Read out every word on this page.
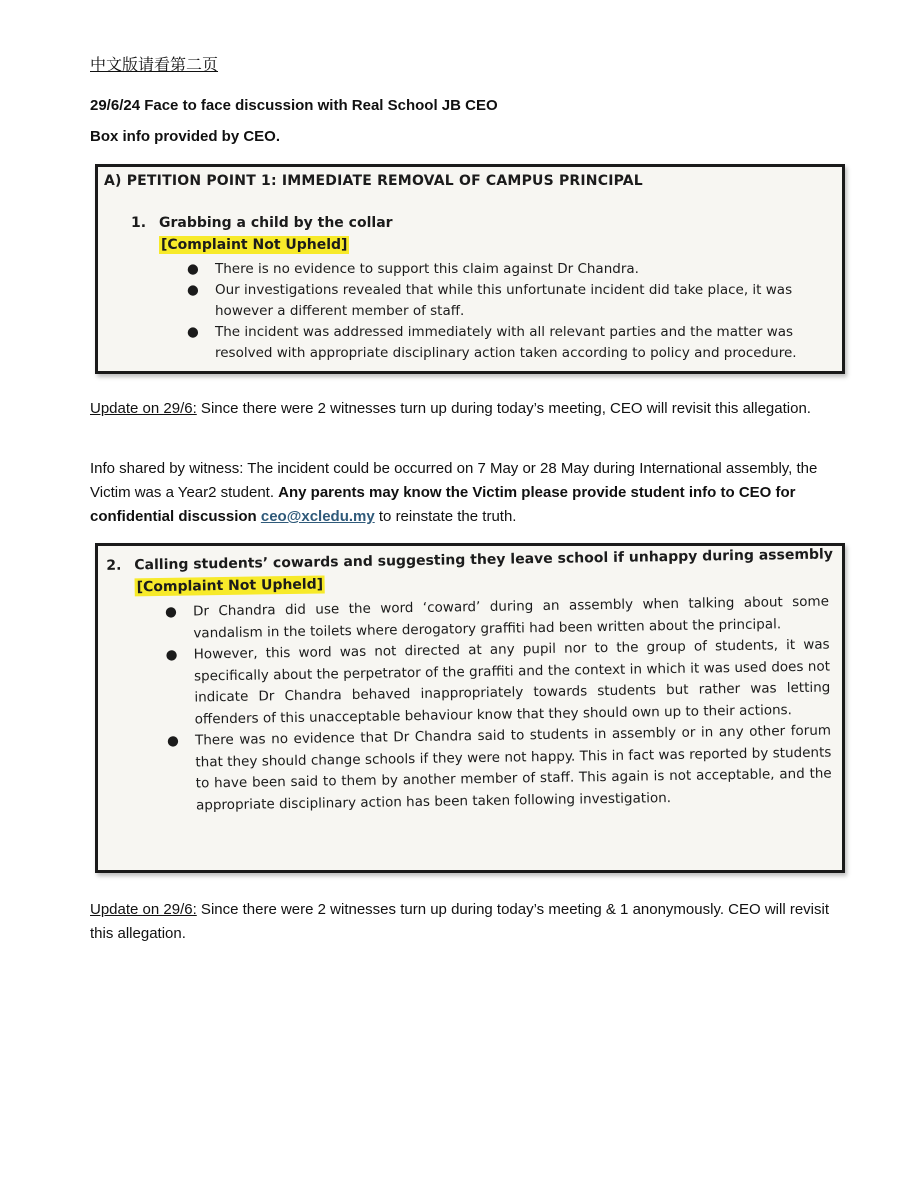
中文版请看第二页

29/6/24 Face to face discussion with Real School JB CEO

Box info provided by CEO.

A) PETITION POINT 1: IMMEDIATE REMOVAL OF CAMPUS PRINCIPAL
1. Grabbing a child by the collar
[Complaint Not Upheld]
● There is no evidence to support this claim against Dr Chandra.
● Our investigations revealed that while this unfortunate incident did take place, it was however a different member of staff.
● The incident was addressed immediately with all relevant parties and the matter was resolved with appropriate disciplinary action taken according to policy and procedure.

Update on 29/6: Since there were 2 witnesses turn up during today’s meeting, CEO will revisit this allegation.

Info shared by witness: The incident could be occurred on 7 May or 28 May during International assembly, the Victim was a Year2 student. Any parents may know the Victim please provide student info to CEO for confidential discussion ceo@xcledu.my to reinstate the truth.

2. Calling students’ cowards and suggesting they leave school if unhappy during assembly
[Complaint Not Upheld]
● Dr Chandra did use the word ‘coward’ during an assembly when talking about some vandalism in the toilets where derogatory graffiti had been written about the principal.
● However, this word was not directed at any pupil nor to the group of students, it was specifically about the perpetrator of the graffiti and the context in which it was used does not indicate Dr Chandra behaved inappropriately towards students but rather was letting offenders of this unacceptable behaviour know that they should own up to their actions.
● There was no evidence that Dr Chandra said to students in assembly or in any other forum that they should change schools if they were not happy. This in fact was reported by students to have been said to them by another member of staff. This again is not acceptable, and the appropriate disciplinary action has been taken following investigation.

Update on 29/6: Since there were 2 witnesses turn up during today’s meeting & 1 anonymously. CEO will revisit this allegation.
